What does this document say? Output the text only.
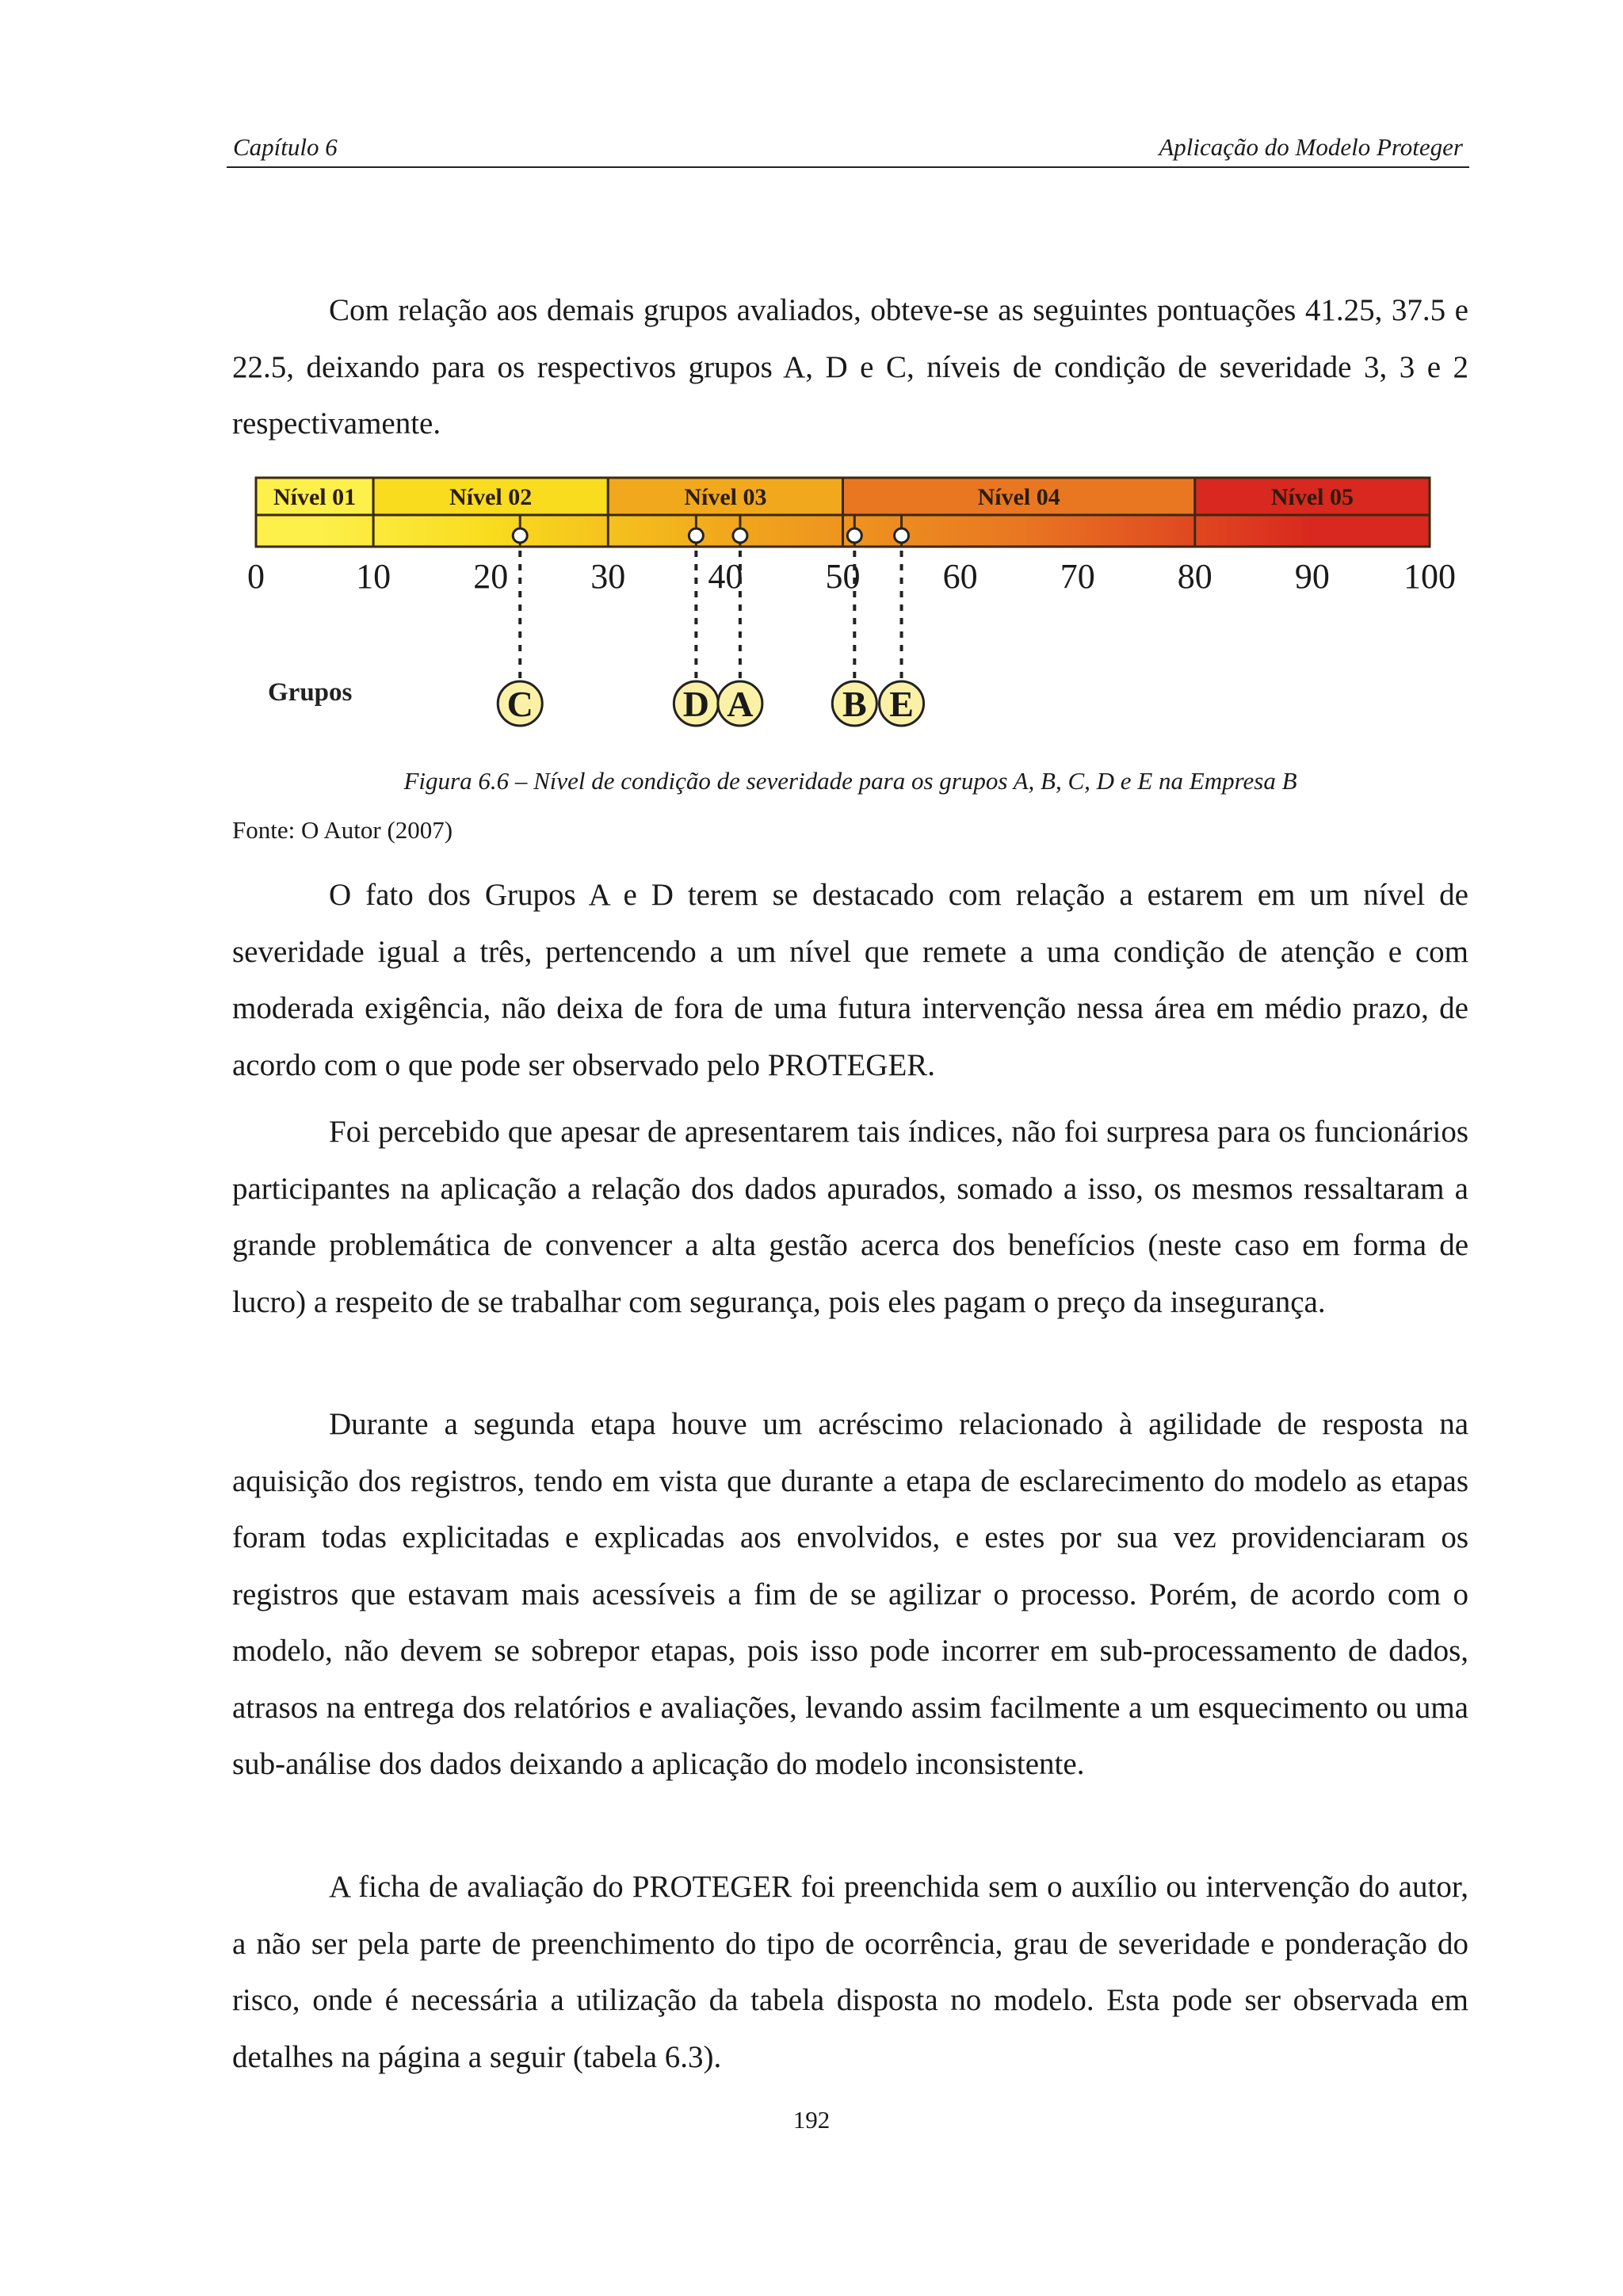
Capítulo 6	Aplicação do Modelo Proteger

Com relação aos demais grupos avaliados, obteve-se as seguintes pontuações 41.25, 37.5 e 22.5, deixando para os respectivos grupos A, D e C, níveis de condição de severidade 3, 3 e 2 respectivamente.

Nível 01	Nível 02	Nível 03	Nível 04	Nível 05
0	10 20 30 40 50 60 70 80 90 100
Grupos	C	D A B E
Figura 6.6 – Nível de condição de severidade para os grupos A, B, C, D e E na Empresa B
Fonte: O Autor (2007)

O fato dos Grupos A e D terem se destacado com relação a estarem em um nível de severidade igual a três, pertencendo a um nível que remete a uma condição de atenção e com moderada exigência, não deixa de fora de uma futura intervenção nessa área em médio prazo, de acordo com o que pode ser observado pelo PROTEGER.

Foi percebido que apesar de apresentarem tais índices, não foi surpresa para os funcionários participantes na aplicação a relação dos dados apurados, somado a isso, os mesmos ressaltaram a grande problemática de convencer a alta gestão acerca dos benefícios (neste caso em forma de lucro) a respeito de se trabalhar com segurança, pois eles pagam o preço da insegurança.

Durante a segunda etapa houve um acréscimo relacionado à agilidade de resposta na aquisição dos registros, tendo em vista que durante a etapa de esclarecimento do modelo as etapas foram todas explicitadas e explicadas aos envolvidos, e estes por sua vez providenciaram os registros que estavam mais acessíveis a fim de se agilizar o processo. Porém, de acordo com o modelo, não devem se sobrepor etapas, pois isso pode incorrer em sub-processamento de dados, atrasos na entrega dos relatórios e avaliações, levando assim facilmente a um esquecimento ou uma sub-análise dos dados deixando a aplicação do modelo inconsistente.

A ficha de avaliação do PROTEGER foi preenchida sem o auxílio ou intervenção do autor, a não ser pela parte de preenchimento do tipo de ocorrência, grau de severidade e ponderação do risco, onde é necessária a utilização da tabela disposta no modelo. Esta pode ser observada em detalhes na página a seguir (tabela 6.3).

192
